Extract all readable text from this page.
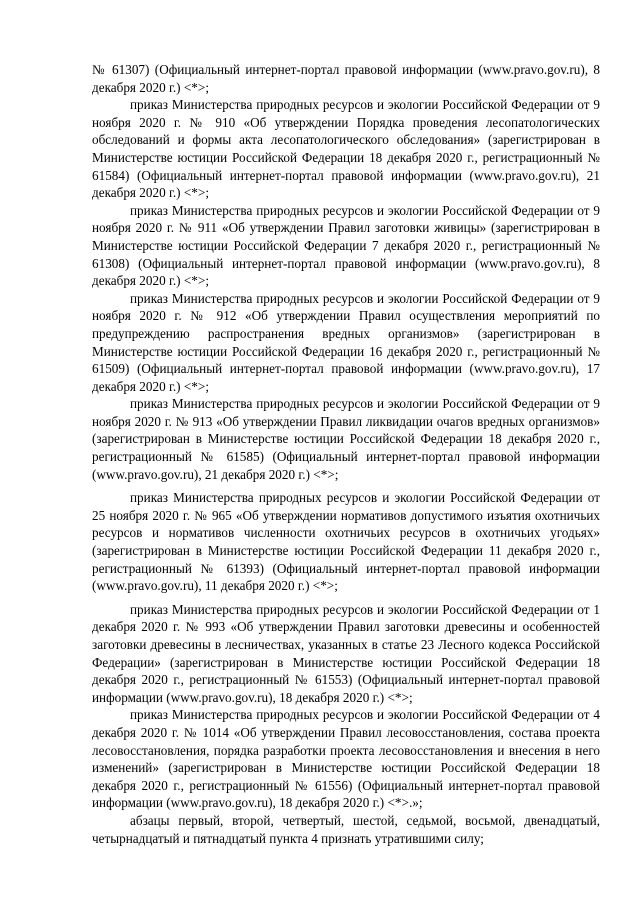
№ 61307) (Официальный интернет-портал правовой информации (www.pravo.gov.ru), 8 декабря 2020 г.) <*>;

приказ Министерства природных ресурсов и экологии Российской Федерации от 9 ноября 2020 г. № 910 «Об утверждении Порядка проведения лесопатологических обследований и формы акта лесопатологического обследования» (зарегистрирован в Министерстве юстиции Российской Федерации 18 декабря 2020 г., регистрационный № 61584) (Официальный интернет-портал правовой информации (www.pravo.gov.ru), 21 декабря 2020 г.) <*>;

приказ Министерства природных ресурсов и экологии Российской Федерации от 9 ноября 2020 г. № 911 «Об утверждении Правил заготовки живицы» (зарегистрирован в Министерстве юстиции Российской Федерации 7 декабря 2020 г., регистрационный № 61308) (Официальный интернет-портал правовой информации (www.pravo.gov.ru), 8 декабря 2020 г.) <*>;

приказ Министерства природных ресурсов и экологии Российской Федерации от 9 ноября 2020 г. № 912 «Об утверждении Правил осуществления мероприятий по предупреждению распространения вредных организмов» (зарегистрирован в Министерстве юстиции Российской Федерации 16 декабря 2020 г., регистрационный № 61509) (Официальный интернет-портал правовой информации (www.pravo.gov.ru), 17 декабря 2020 г.) <*>;

приказ Министерства природных ресурсов и экологии Российской Федерации от 9 ноября 2020 г. № 913 «Об утверждении Правил ликвидации очагов вредных организмов» (зарегистрирован в Министерстве юстиции Российской Федерации 18 декабря 2020 г., регистрационный № 61585) (Официальный интернет-портал правовой информации (www.pravo.gov.ru), 21 декабря 2020 г.) <*>;

приказ Министерства природных ресурсов и экологии Российской Федерации от 25 ноября 2020 г. № 965 «Об утверждении нормативов допустимого изъятия охотничьих ресурсов и нормативов численности охотничьих ресурсов в охотничьих угодьях» (зарегистрирован в Министерстве юстиции Российской Федерации 11 декабря 2020 г., регистрационный № 61393) (Официальный интернет-портал правовой информации (www.pravo.gov.ru), 11 декабря 2020 г.) <*>;

приказ Министерства природных ресурсов и экологии Российской Федерации от 1 декабря 2020 г. № 993 «Об утверждении Правил заготовки древесины и особенностей заготовки древесины в лесничествах, указанных в статье 23 Лесного кодекса Российской Федерации» (зарегистрирован в Министерстве юстиции Российской Федерации 18 декабря 2020 г., регистрационный № 61553) (Официальный интернет-портал правовой информации (www.pravo.gov.ru), 18 декабря 2020 г.) <*>;

приказ Министерства природных ресурсов и экологии Российской Федерации от 4 декабря 2020 г. № 1014 «Об утверждении Правил лесовосстановления, состава проекта лесовосстановления, порядка разработки проекта лесовосстановления и внесения в него изменений» (зарегистрирован в Министерстве юстиции Российской Федерации 18 декабря 2020 г., регистрационный № 61556) (Официальный интернет-портал правовой информации (www.pravo.gov.ru), 18 декабря 2020 г.) <*>.»;

абзацы первый, второй, четвертый, шестой, седьмой, восьмой, двенадцатый, четырнадцатый и пятнадцатый пункта 4 признать утратившими силу;
